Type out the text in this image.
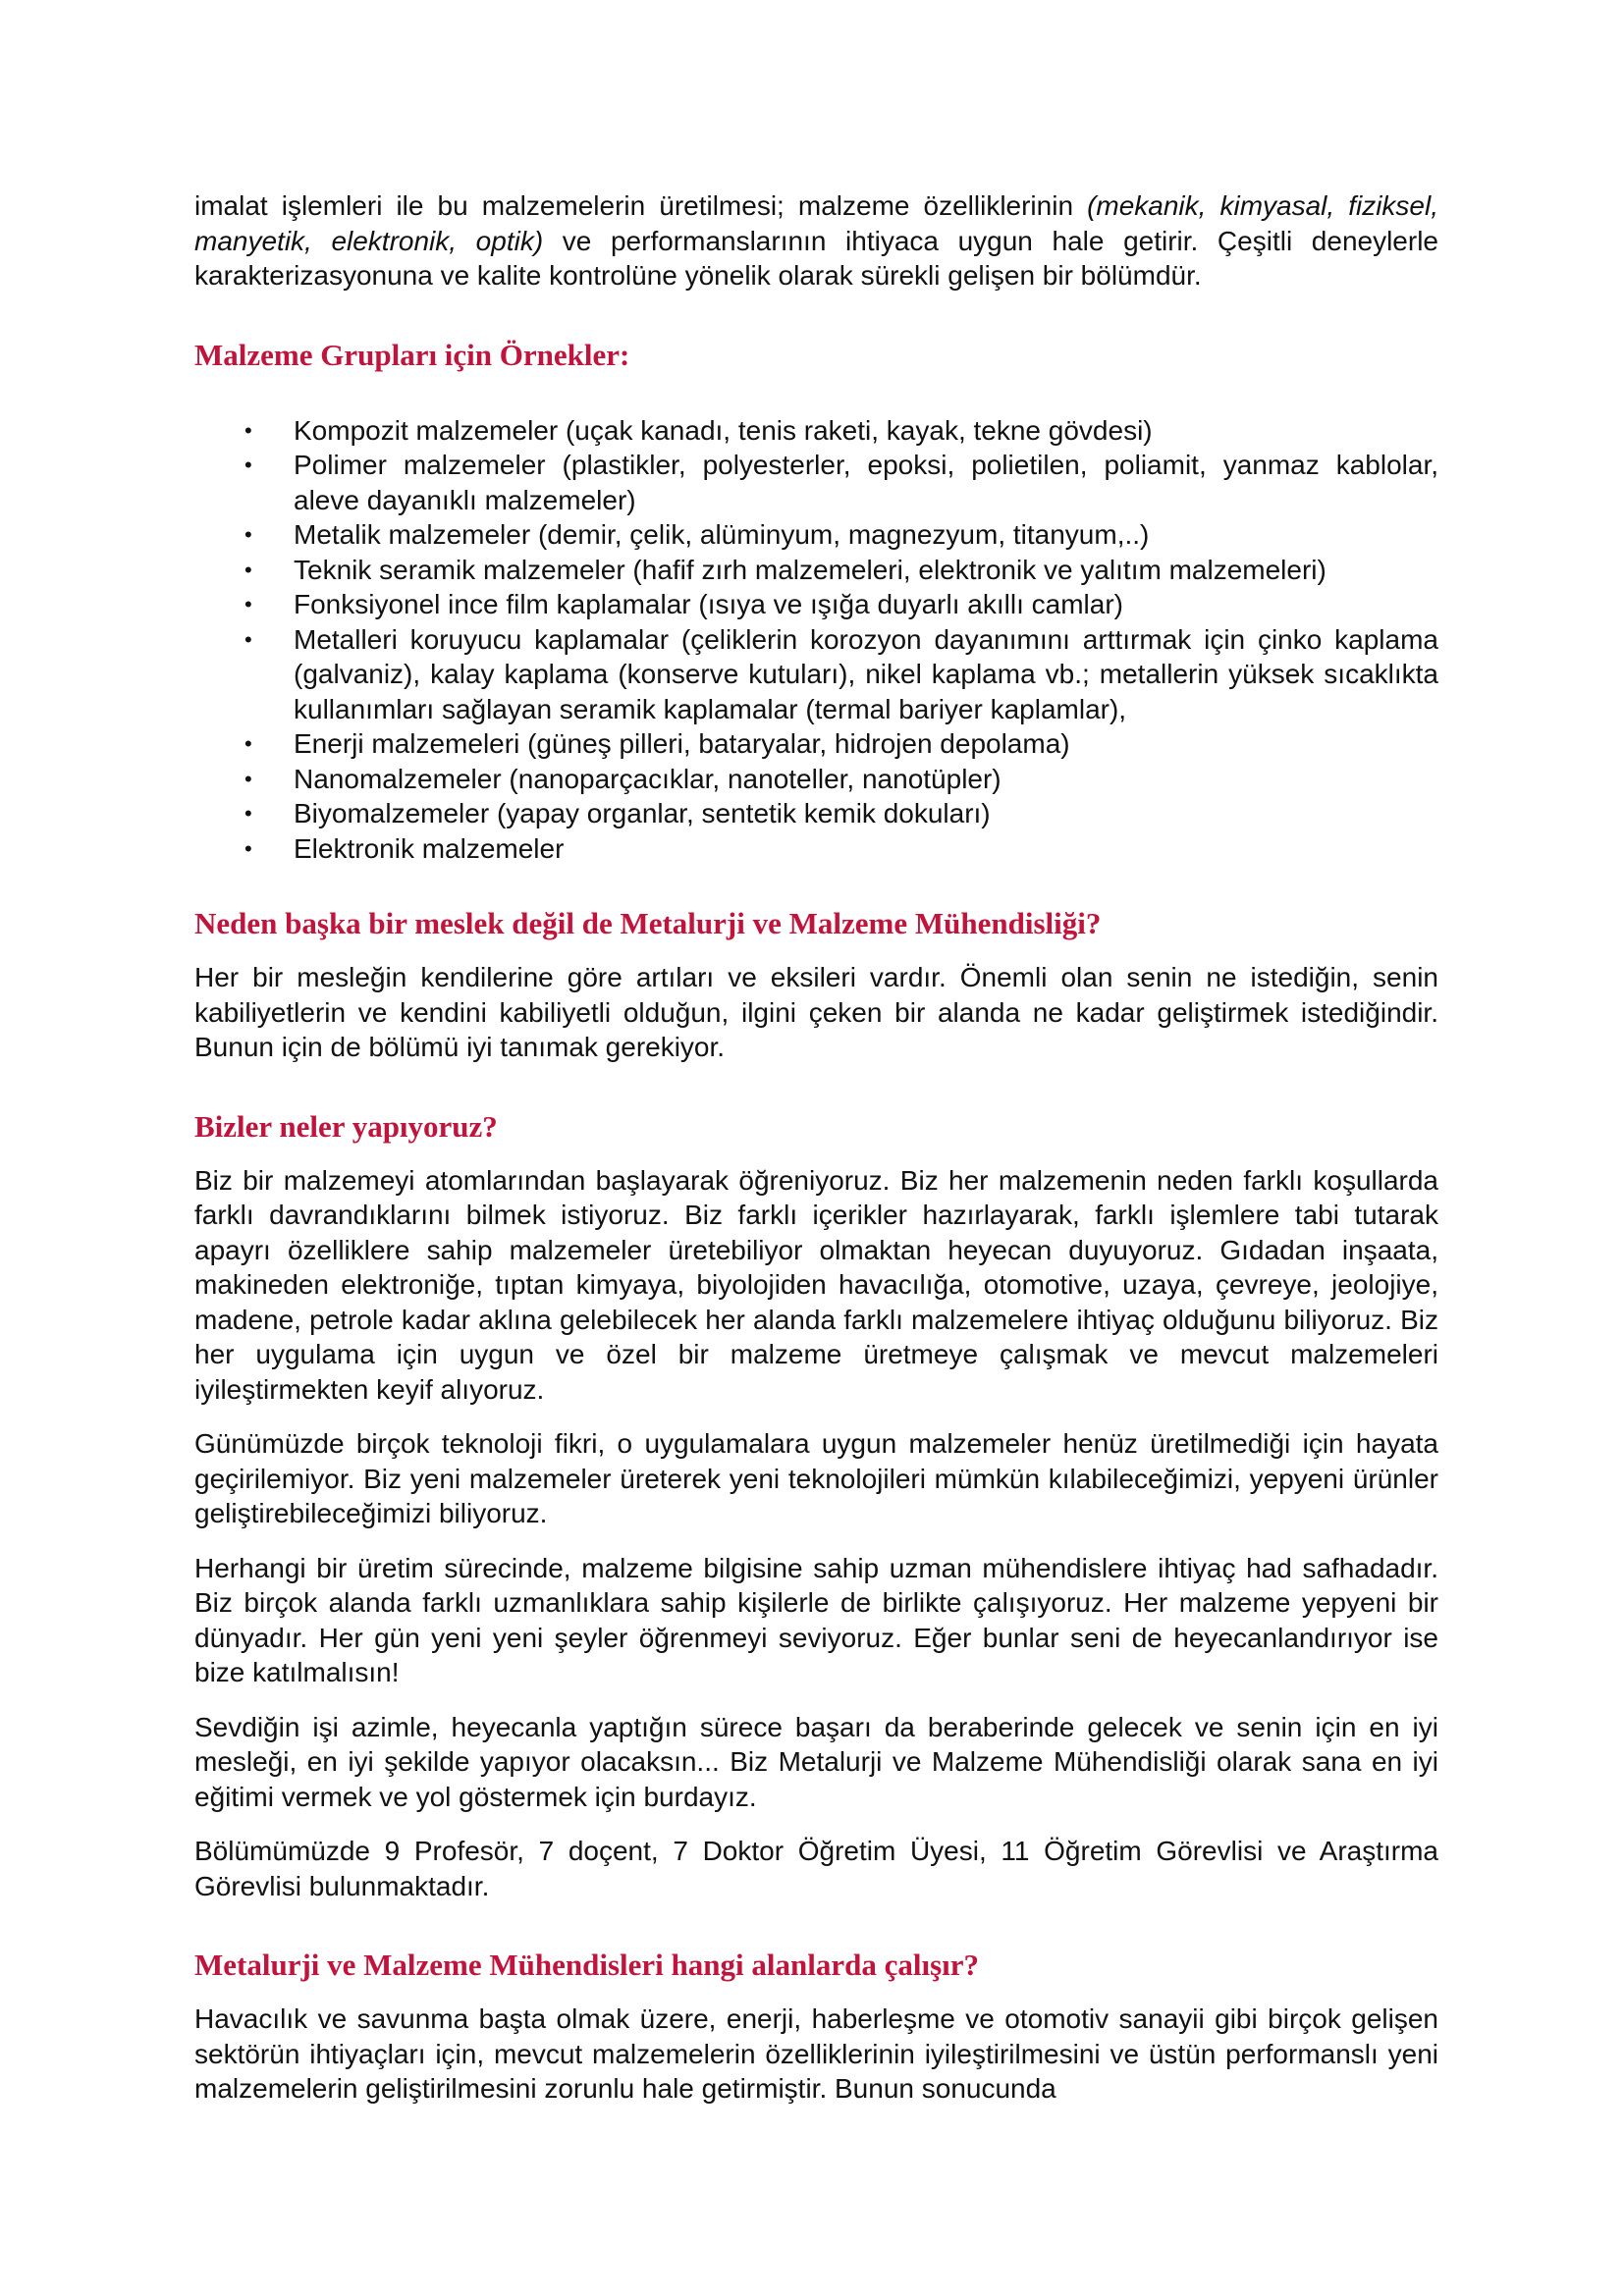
imalat işlemleri ile bu malzemelerin üretilmesi; malzeme özelliklerinin (mekanik, kimyasal, fiziksel, manyetik, elektronik, optik) ve performanslarının ihtiyaca uygun hale getirir. Çeşitli deneylerle karakterizasyonuna ve kalite kontrolüne yönelik olarak sürekli gelişen bir bölümdür.

Malzeme Grupları için Örnekler:
• Kompozit malzemeler (uçak kanadı, tenis raketi, kayak, tekne gövdesi)
• Polimer malzemeler (plastikler, polyesterler, epoksi, polietilen, poliamit, yanmaz kablolar, aleve dayanıklı malzemeler)
• Metalik malzemeler (demir, çelik, alüminyum, magnezyum, titanyum,..)
• Teknik seramik malzemeler (hafif zırh malzemeleri, elektronik ve yalıtım malzemeleri)
• Fonksiyonel ince film kaplamalar (ısıya ve ışığa duyarlı akıllı camlar)
• Metalleri koruyucu kaplamalar (çeliklerin korozyon dayanımını arttırmak için çinko kaplama (galvaniz), kalay kaplama (konserve kutuları), nikel kaplama vb.; metallerin yüksek sıcaklıkta kullanımları sağlayan seramik kaplamalar (termal bariyer kaplamlar),
• Enerji malzemeleri (güneş pilleri, bataryalar, hidrojen depolama)
• Nanomalzemeler (nanoparçacıklar, nanoteller, nanotüpler)
• Biyomalzemeler (yapay organlar, sentetik kemik dokuları)
• Elektronik malzemeler
Neden başka bir meslek değil de Metalurji ve Malzeme Mühendisliği?

Her bir mesleğin kendilerine göre artıları ve eksileri vardır. Önemli olan senin ne istediğin, senin kabiliyetlerin ve kendini kabiliyetli olduğun, ilgini çeken bir alanda ne kadar geliştirmek istediğindir. Bunun için de bölümü iyi tanımak gerekiyor.

Bizler neler yapıyoruz?

Biz bir malzemeyi atomlarından başlayarak öğreniyoruz. Biz her malzemenin neden farklı koşullarda farklı davrandıklarını bilmek istiyoruz. Biz farklı içerikler hazırlayarak, farklı işlemlere tabi tutarak apayrı özelliklere sahip malzemeler üretebiliyor olmaktan heyecan duyuyoruz. Gıdadan inşaata, makineden elektroniğe, tıptan kimyaya, biyolojiden havacılığa, otomotive, uzaya, çevreye, jeolojiye, madene, petrole kadar aklına gelebilecek her alanda farklı malzemelere ihtiyaç olduğunu biliyoruz. Biz her uygulama için uygun ve özel bir malzeme üretmeye çalışmak ve mevcut malzemeleri iyileştirmekten keyif alıyoruz.

Günümüzde birçok teknoloji fikri, o uygulamalara uygun malzemeler henüz üretilmediği için hayata geçirilemiyor. Biz yeni malzemeler üreterek yeni teknolojileri mümkün kılabileceğimizi, yepyeni ürünler geliştirebileceğimizi biliyoruz.

Herhangi bir üretim sürecinde, malzeme bilgisine sahip uzman mühendislere ihtiyaç had safhadadır. Biz birçok alanda farklı uzmanlıklara sahip kişilerle de birlikte çalışıyoruz. Her malzeme yepyeni bir dünyadır. Her gün yeni yeni şeyler öğrenmeyi seviyoruz. Eğer bunlar seni de heyecanlandırıyor ise bize katılmalısın!

Sevdiğin işi azimle, heyecanla yaptığın sürece başarı da beraberinde gelecek ve senin için en iyi mesleği, en iyi şekilde yapıyor olacaksın... Biz Metalurji ve Malzeme Mühendisliği olarak sana en iyi eğitimi vermek ve yol göstermek için burdayız.

Bölümümüzde 9 Profesör, 7 doçent, 7 Doktor Öğretim Üyesi, 11 Öğretim Görevlisi ve Araştırma Görevlisi bulunmaktadır.

Metalurji ve Malzeme Mühendisleri hangi alanlarda çalışır?

Havacılık ve savunma başta olmak üzere, enerji, haberleşme ve otomotiv sanayii gibi birçok gelişen sektörün ihtiyaçları için, mevcut malzemelerin özelliklerinin iyileştirilmesini ve üstün performanslı yeni malzemelerin geliştirilmesini zorunlu hale getirmiştir. Bunun sonucunda
